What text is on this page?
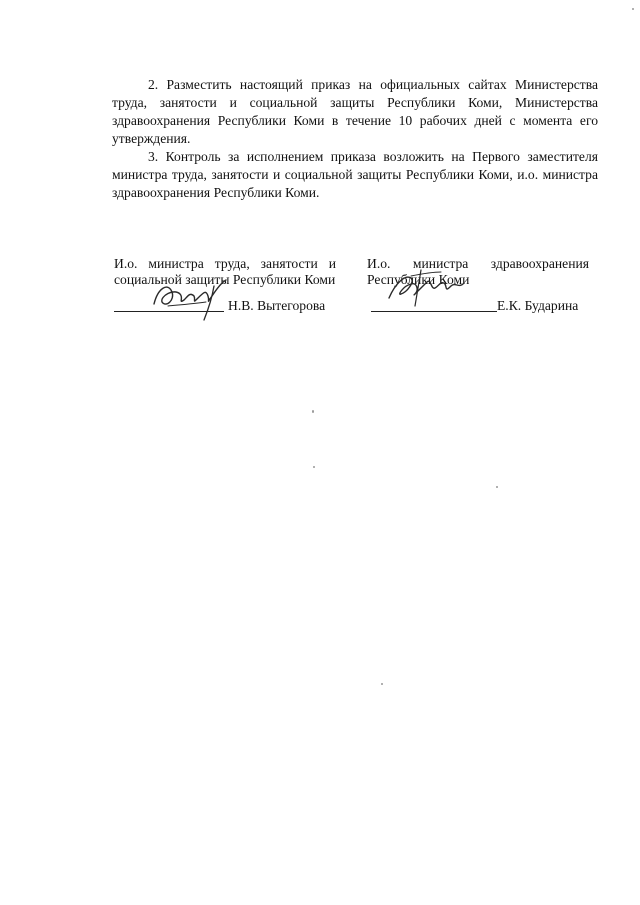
2. Разместить настоящий приказ на официальных сайтах Министерства труда, занятости и социальной защиты Республики Коми, Министерства здравоохранения Республики Коми в течение 10 рабочих дней с момента его утверждения.

3. Контроль за исполнением приказа возложить на Первого заместителя министра труда, занятости и социальной защиты Республики Коми, и.о. министра здравоохранения Республики Коми.

И.о. министра труда, занятости и социальной защиты Республики Коми

Н.В. Вытегорова

И.о. министра здравоохранения Республики Коми

Е.К. Бударина
